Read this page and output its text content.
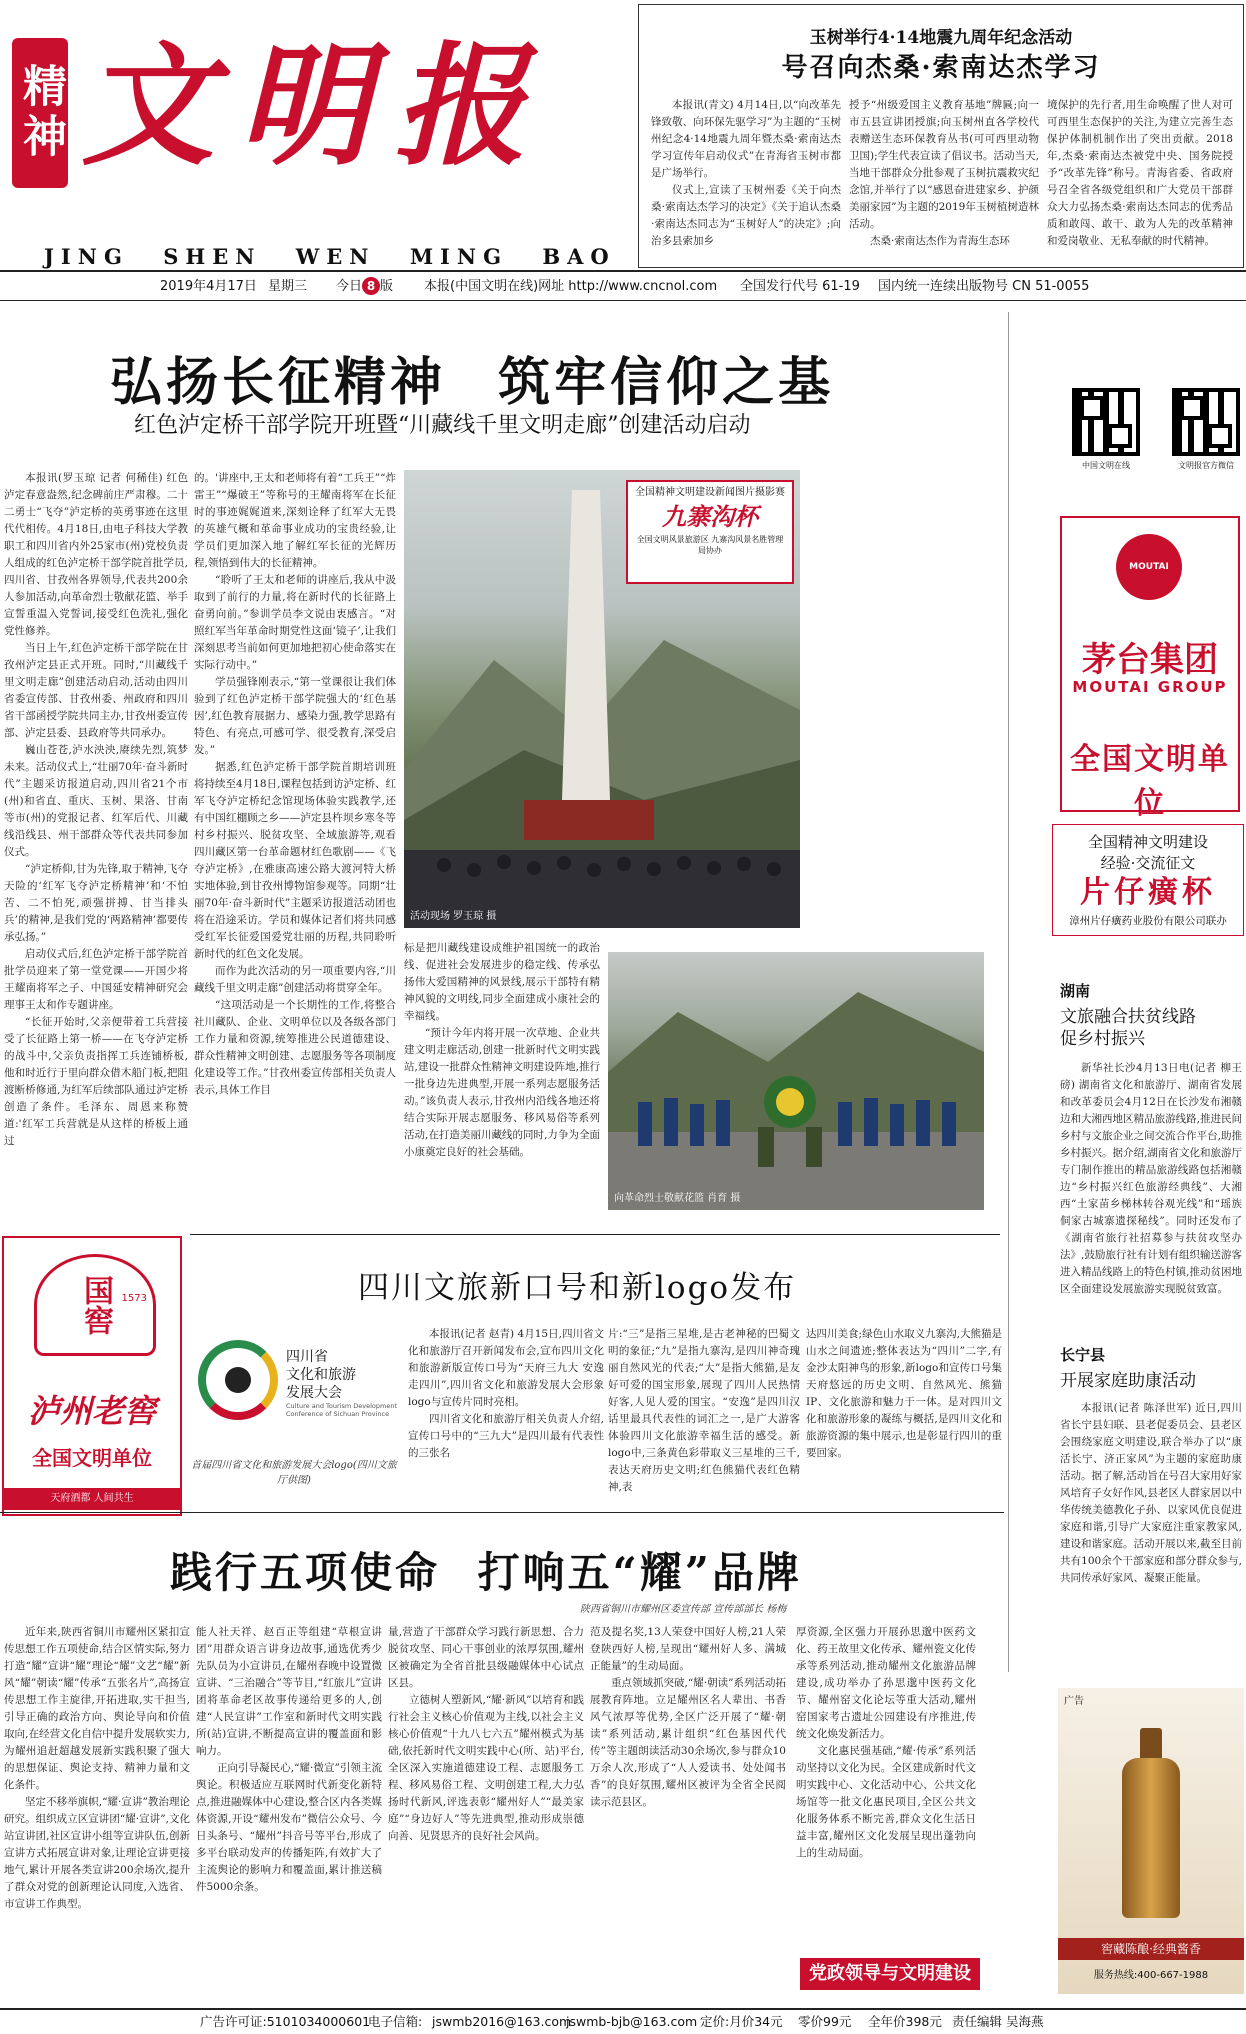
精神 文明报
JING SHEN WEN MING BAO
2019年4月17日 星期三 今日 8 版 本报(中国文明在线)网址 http://www.cncnol.com 全国发行代号 61-19 国内统一连续出版物号 CN 51-0055
玉树举行4·14地震九周年纪念活动
号召向杰桑·索南达杰学习

本报讯(青文) 4月14日,以“向改革先锋致敬、向环保先驱学习”为主题的“玉树州纪念4·14地震九周年暨杰桑·索南达杰学习宣传年启动仪式”在青海省玉树市都是广场举行。

仪式上,宣读了玉树州委《关于向杰桑·索南达杰学习的决定》《关于追认杰桑·索南达杰同志为“玉树好人”的决定》;向治多县索加乡

授予“州级爱国主义教育基地”牌匾;向一市五县宣讲团授旗;向玉树州直各学校代表赠送生态环保教育丛书(可可西里动物卫国);学生代表宣读了倡议书。活动当天,当地干部群众分批参观了玉树抗震救灾纪念馆,并举行了以“感恩奋进建家乡、护颜美丽家园”为主题的2019年玉树植树造林活动。

杰桑·索南达杰作为青海生态环

境保护的先行者,用生命唤醒了世人对可可西里生态保护的关注,为建立完善生态保护体制机制作出了突出贡献。2018年,杰桑·索南达杰被党中央、国务院授予“改革先锋”称号。青海省委、省政府号召全省各级党组织和广大党员干部群众大力弘扬杰桑·索南达杰同志的优秀品质和敢闯、敢干、敢为人先的改革精神和爱岗敬业、无私奉献的时代精神。

弘扬长征精神 筑牢信仰之基
红色泸定桥干部学院开班暨“川藏线千里文明走廊”创建活动启动

本报讯(罗玉琼 记者 何稀佳) 红色泸定春意盎然,纪念碑前庄严肃穆。二十二勇士“飞夺”泸定桥的英勇事迹在这里代代相传。4月18日,由电子科技大学教职工和四川省内外25家市(州)党校负责人组成的红色泸定桥干部学院首批学员,四川省、甘孜州各界领导,代表共200余人参加活动,向革命烈士敬献花篮、举手宣誓重温入党誓词,接受红色洗礼,强化党性修养。

当日上午,红色泸定桥干部学院在甘孜州泸定县正式开班。同时,“川藏线千里文明走廊”创建活动启动,活动由四川省委宣传部、甘孜州委、州政府和四川省干部函授学院共同主办,甘孜州委宣传部、泸定县委、县政府等共同承办。

巍山苍苍,泸水泱泱,赓续先烈,筑梦未来。活动仪式上,“壮丽70年·奋斗新时代”主题采访报道启动,四川省21个市(州)和省直、重庆、玉树、果洛、甘南等市(州)的党报记者、红军后代、川藏线沿线县、州干部群众等代表共同参加仪式。

“泸定桥仰,甘为先锋,取于精神,飞夺天险的‘红军飞夺泸定桥精神’和‘不怕苦、二不怕死,顽强拼搏、甘当排头兵’的精神,是我们党的‘两路精神’都要传承弘扬。”

启动仪式后,红色泸定桥干部学院首批学员迎来了第一堂党课——开国少将王耀南将军之子、中国延安精神研究会理事王太和作专题讲座。

“长征开始时,父亲便带着工兵营接受了长征路上第一桥——在飞夺泸定桥的战斗中,父亲负责指挥工兵连铺桥板,他和时近行于里向群众借木船门板,把阻渡断桥修通,为红军后续部队通过泸定桥创造了条件。毛泽东、周恩来称赞道:'红军工兵营就是从这样的桥板上通过

的。'讲座中,王太和老师将有着“工兵王”“炸雷王”“爆破王”等称号的王耀南将军在长征时的事迹娓娓道来,深刻诠释了红军大无畏的英雄气概和革命事业成功的宝贵经验,让学员们更加深入地了解红军长征的光辉历程,领悟到伟大的长征精神。

“聆听了王太和老师的讲座后,我从中汲取到了前行的力量,将在新时代的长征路上奋勇向前。”参训学员李文说由衷感言。“对照红军当年革命时期党性这面‘镜子’,让我们深刻思考当前如何更加地把初心使命落实在实际行动中。”

学员强锋刚表示,“第一堂课很让我们体验到了红色泸定桥干部学院强大的‘红色基因’,红色教育展据力、感染力强,教学思路有特色、有亮点,可感可学、很受教育,深受启发。”

据悉,红色泸定桥干部学院首期培训班将持续至4月18日,课程包括到访泸定桥、红军飞夺泸定桥纪念馆现场体验实践教学,还有中国红棚顾之乡——泸定县杵坝乡寒冬等村乡村振兴、脱贫攻坚、全域旅游等,观看四川藏区第一台革命题材红色歌剧——《飞夺泸定桥》,在雅康高速公路大渡河特大桥实地体验,到甘孜州博物馆参观等。同期“壮丽70年·奋斗新时代”主题采访报道活动团也将在沿途采访。学员和媒体记者们将共同感受红军长征爱国爱党壮丽的历程,共同聆听新时代的红色文化发展。

而作为此次活动的另一项重要内容,“川藏线千里文明走廊”创建活动将贯穿全年。

“这项活动是一个长期性的工作,将整合社川藏队、企业、文明单位以及各级各部门工作力量和资源,统筹推进公民道德建设、群众性精神文明创建、志愿服务等各项制度化建设等工作。”甘孜州委宣传部相关负责人表示,具体工作目

全国精神文明建设新闻图片摄影赛
九寨沟杯
全国文明风景旅游区 九寨沟风景名胜管理局协办
活动现场 罗玉琼 摄

标是把川藏线建设成维护祖国统一的政治线、促进社会发展进步的稳定线、传承弘扬伟大爱国精神的风景线,展示干部特有精神风貌的文明线,同步全面建成小康社会的幸福线。

“预计今年内将开展一次草地、企业共建文明走廊活动,创建一批新时代文明实践站,建设一批群众性精神文明建设阵地,推行一批身边先进典型,开展一系列志愿服务活动。”该负责人表示,甘孜州内沿线各地还将结合实际开展志愿服务、移风易俗等系列活动,在打造美丽川藏线的同时,力争为全面小康奠定良好的社会基础。

向革命烈士敬献花篮 肖育 摄
中国文明在线	文明报官方微信
MOUTAI
茅台集团
MOUTAI GROUP
全国文明单位
全国精神文明建设
经验·交流征文
片仔癀杯
漳州片仔癀药业股份有限公司联办
湖南
文旅融合扶贫线路
促乡村振兴

新华社长沙4月13日电(记者 柳王磅) 湖南省文化和旅游厅、湖南省发展和改革委员会4月12日在长沙发布湘赣边和大湘西地区精品旅游线路,推进民间乡村与文旅企业之间交流合作平台,助推乡村振兴。据介绍,湖南省文化和旅游厅专门制作推出的精品旅游线路包括湘赣边“乡村振兴红色旅游经典线”、大湘西“土家苗乡梯林转谷观光线”和“瑶族侗家古城寨遗探秘线”。同时还发布了《湖南省旅行社招募参与扶贫攻坚办法》,鼓励旅行社有计划有组织输送游客进入精品线路上的特色村镇,推动贫困地区全面建设发展旅游实现脱贫致富。

长宁县
开展家庭助康活动

本报讯(记者 陈泽世军) 近日,四川省长宁县妇联、县老促委员会、县老区会围绕家庭文明建设,联合举办了以“康活长宁、济正家风”为主题的家庭助康活动。据了解,活动旨在号召大家用好家风培育子女好作风,县老区人群家居以中华传统美德教化子孙、以家风优良促进家庭和谐,引导广大家庭注重家教家风,建设和谐家庭。活动开展以来,截至目前共有100余个干部家庭和部分群众参与,共同传承好家风、凝聚正能量。

广告
窖藏陈酿·经典酱香
服务热线:400-667-1988
四川文旅新口号和新logo发布
四川省
文化和旅游
发展大会
Culture and Tourism Development Conference of Sichuan Province
首届四川省文化和旅游发展大会logo(四川文旅厅供图)

本报讯(记者 赵青) 4月15日,四川省文化和旅游厅召开新闻发布会,宣布四川文化和旅游新版宣传口号为“天府三九大 安逸走四川”,四川省文化和旅游发展大会形象logo与宣传片同时亮相。

四川省文化和旅游厅相关负责人介绍,宣传口号中的“三九大”是四川最有代表性的三张名

片:“三”是指三星堆,是古老神秘的巴蜀文明的象征;“九”是指九寨沟,是四川神奇瑰丽自然风光的代表;“大”是指大熊猫,是友好可爱的国宝形象,展现了四川人民热情好客,人见人爱的国宝。“安逸”是四川汉话里最具代表性的词汇之一,是广大游客体验四川文化旅游幸福生活的感受。新logo中,三条黄色彩带取义三星堆的三千,表达天府历史文明;红色熊猫代表红色精神,表

达四川美食;绿色山水取义九寨沟,大熊猫是山水之间遗迹;整体表达为“四川”二字,有金沙太阳神鸟的形象,新logo和宣传口号集天府悠远的历史文明、自然风光、熊猫IP、文化旅游和魅力于一体。是对四川文化和旅游形象的凝练与概括,是四川文化和旅游资源的集中展示,也是彰显行四川的重要回家。

国窖 1573
泸州老窖
全国文明单位
天府酒都 人间共生
践行五项使命 打响五“耀”品牌
陕西省铜川市耀州区委宣传部 宣传部部长 杨梅

近年来,陕西省铜川市耀州区紧扣宣传思想工作五项使命,结合区情实际,努力打造“耀”宣讲“耀”理论“耀”文艺“耀”新风“耀”朝读“耀”传承“五张名片”,高扬宣传思想工作主旋律,开拓进取,实干担当,引导正确的政治方向、舆论导向和价值取向,在经营文化自信中提升发展软实力,为耀州追赶超越发展新实践积聚了强大的思想保证、舆论支持、精神力量和文化条件。

坚定不移举旗帜,“耀·宣讲”教治理论研究。组织成立区宣讲团“耀·宣讲”,文化站宣讲团,社区宣讲小组等宣讲队伍,创新宣讲方式拓展宣讲对象,让理论宣讲更接地气,累计开展各类宣讲200余场次,提升了群众对党的创新理论认同度,入选省、市宣讲工作典型。

能人社天祥、赵百正等组建“草根宣讲团”用群众语言讲身边故事,通选优秀少先队员为小宣讲员,在耀州春晚中设置微宣讲、“三治融合”等节目,“红旅儿”宣讲团将革命老区故事传递给更多的人,创建“人民宣讲”工作室和新时代文明实践所(站)宣讲,不断提高宣讲的覆盖面和影响力。

正向引导凝民心,“耀·微宣”引领主流舆论。积极适应互联网时代新变化新特点,推进融媒体中心建设,整合区内各类媒体资源,开设“耀州发布”微信公众号、今日头条号、“耀州”抖音号等平台,形成了多平台联动发声的传播矩阵,有效扩大了主流舆论的影响力和覆盖面,累计推送稿件5000余条。

量,营造了干部群众学习践行新思想、合力脱贫攻坚、同心干事创业的浓厚氛围,耀州区被确定为全省首批县级融媒体中心试点区县。

立德树人塑新风,“耀·新风”以培育和践行社会主义核心价值观为主线,以社会主义核心价值观“十九八七六五”耀州模式为基础,依托新时代文明实践中心(所、站)平台,全区深入实施道德建设工程、志愿服务工程、移风易俗工程、文明创建工程,大力弘扬时代新风,评选表彰“耀州好人”“最美家庭”“身边好人”等先进典型,推动形成崇德向善、见贤思齐的良好社会风尚。

范及提名奖,13人荣登中国好人榜,21人荣登陕西好人榜,呈现出“耀州好人多、满城正能量”的生动局面。

重点领域抓突破,“耀·朝读”系列活动拓展教育阵地。立足耀州区名人辈出、书香风气浓厚等优势,全区广泛开展了“耀·朝读”系列活动,累计组织“红色基因代代传”等主题朗读活动30余场次,参与群众10万余人次,形成了“人人爱读书、处处闻书香”的良好氛围,耀州区被评为全省全民阅读示范县区。

厚资源,全区强力开展孙思邈中医药文化、药王故里文化传承、耀州瓷文化传承等系列活动,推动耀州文化旅游品牌建设,成功举办了孙思邈中医药文化节、耀州窑文化论坛等重大活动,耀州窑国家考古遗址公园建设有序推进,传统文化焕发新活力。

文化惠民强基础,“耀·传承”系列活动坚持以文化为民。全区建成新时代文明实践中心、文化活动中心、公共文化场馆等一批文化惠民项目,全区公共文化服务体系不断完善,群众文化生活日益丰富,耀州区文化发展呈现出蓬勃向上的生动局面。

党政领导与文明建设
广告许可证:5101034000601
电子信箱: jswmb2016@163.com
jswmb-bjb@163.com 定价:月价34元 零价99元 全年价398元 责任编辑 吴海燕
